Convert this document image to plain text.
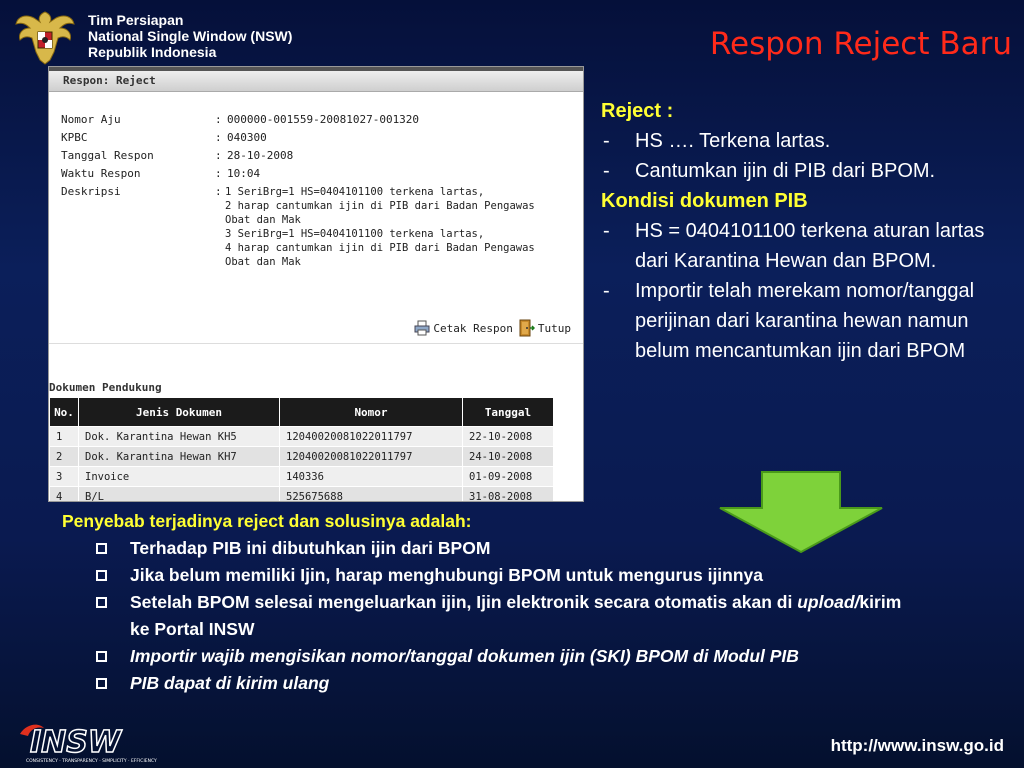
Tim Persiapan
National Single Window (NSW)
Republik Indonesia	Respon Reject Baru
Respon: Reject
Nomor Aju	: 000000-001559-20081027-001320
KPBC	: 040300
Tanggal Respon	: 28-10-2008
Waktu Respon	: 10:04
Deskripsi	: 1 SeriBrg=1 HS=0404101100 terkena lartas,
2 harap cantumkan ijin di PIB dari Badan Pengawas
Obat dan Mak
3 SeriBrg=1 HS=0404101100 terkena lartas,
4 harap cantumkan ijin di PIB dari Badan Pengawas
Obat dan Mak
Cetak Respon Tutup
Dokumen Pendukung
No.	Jenis Dokumen	Nomor	Tanggal
1	Dok. Karantina Hewan KH5	12040020081022011797	22-10-2008
2	Dok. Karantina Hewan KH7	12040020081022011797	24-10-2008
3	Invoice	140336	01-09-2008
4	B/L	525675688	31-08-2008
Reject :
- HS …. Terkena lartas.
- Cantumkan ijin di PIB dari BPOM.
Kondisi dokumen PIB
- HS = 0404101100 terkena aturan lartas dari Karantina Hewan dan BPOM.
- Importir telah merekam nomor/tanggal perijinan dari karantina hewan namun belum mencantumkan ijin dari BPOM
Penyebab terjadinya reject dan solusinya adalah:
Terhadap PIB ini dibutuhkan ijin dari BPOM
Jika belum memiliki Ijin, harap menghubungi BPOM untuk mengurus ijinnya
Setelah BPOM selesai mengeluarkan ijin, Ijin elektronik secara otomatis akan di upload/kirim ke Portal INSW
Importir wajib mengisikan nomor/tanggal dokumen ijin (SKI) BPOM di Modul PIB
PIB dapat di kirim ulang
INSW
CONSISTENCY · TRANSPARENCY · SIMPLICITY · EFFICIENCY
http://www.insw.go.id
